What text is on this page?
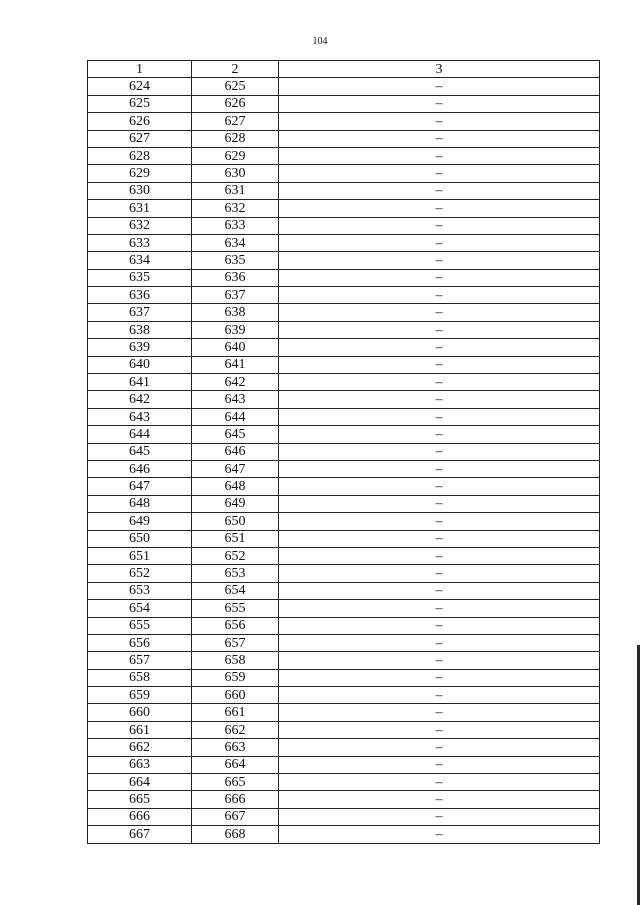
104
1	2	3
624	625	–
625	626	–
626	627	–
627	628	–
628	629	–
629	630	–
630	631	–
631	632	–
632	633	–
633	634	–
634	635	–
635	636	–
636	637	–
637	638	–
638	639	–
639	640	–
640	641	–
641	642	–
642	643	–
643	644	–
644	645	–
645	646	–
646	647	–
647	648	–
648	649	–
649	650	–
650	651	–
651	652	–
652	653	–
653	654	–
654	655	–
655	656	–
656	657	–
657	658	–
658	659	–
659	660	–
660	661	–
661	662	–
662	663	–
663	664	–
664	665	–
665	666	–
666	667	–
667	668	–
